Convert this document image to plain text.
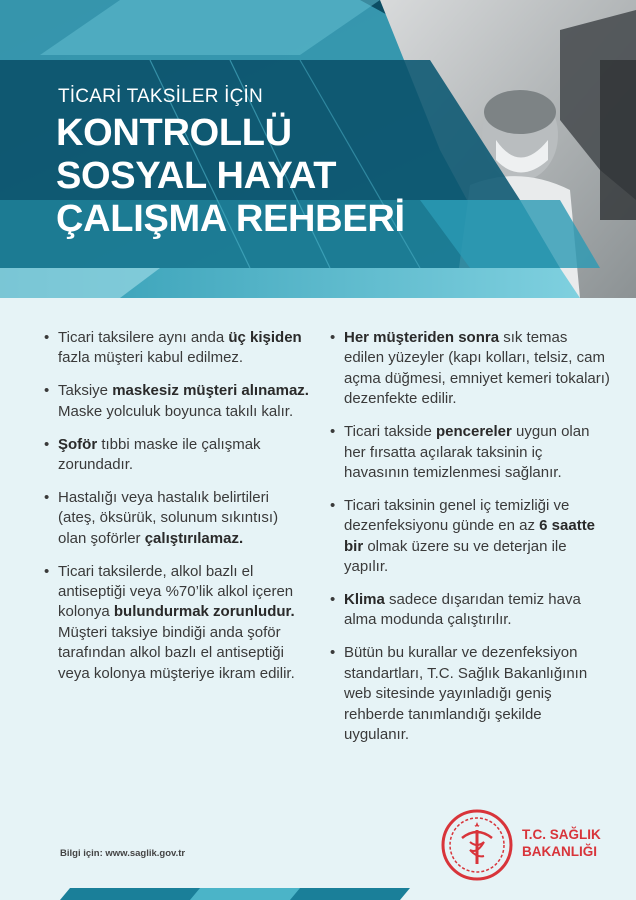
TİCARİ TAKSİLER İÇİN
KONTROLLÜ
SOSYAL HAYAT
ÇALIŞMA REHBERİ
• Ticari taksilere aynı anda üç kişiden fazla müşteri kabul edilmez.
• Taksiye maskesiz müşteri alınamaz. Maske yolculuk boyunca takılı kalır.
• Şoför tıbbi maske ile çalışmak zorundadır.
• Hastalığı veya hastalık belirtileri (ateş, öksürük, solunum sıkıntısı) olan şoförler çalıştırılamaz.
• Ticari taksilerde, alkol bazlı el antiseptiği veya %70’lik alkol içeren kolonya bulundurmak zorunludur. Müşteri taksiye bindiği anda şoför tarafından alkol bazlı el antiseptiği veya kolonya müşteriye ikram edilir.
• Her müşteriden sonra sık temas edilen yüzeyler (kapı kolları, telsiz, cam açma düğmesi, emniyet kemeri tokaları) dezenfekte edilir.
• Ticari takside pencereler uygun olan her fırsatta açılarak taksinin iç havasının temizlenmesi sağlanır.
• Ticari taksinin genel iç temizliği ve dezenfeksiyonu günde en az 6 saatte bir olmak üzere su ve deterjan ile yapılır.
• Klima sadece dışarıdan temiz hava alma modunda çalıştırılır.
• Bütün bu kurallar ve dezenfeksiyon standartları, T.C. Sağlık Bakanlığının web sitesinde yayınladığı geniş rehberde tanımlandığı şekilde uygulanır.
Bilgi için: www.saglik.gov.tr
T.C. SAĞLIK
BAKANLIĞI
